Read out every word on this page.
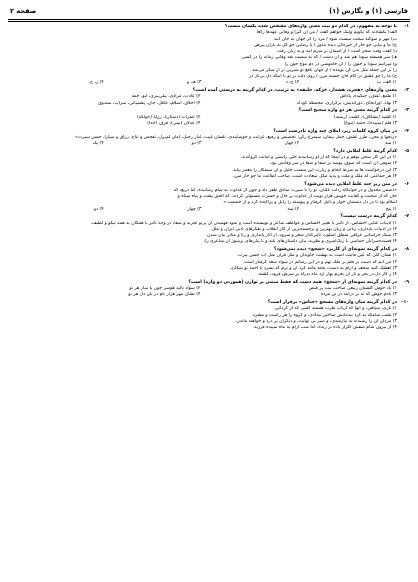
فارسی (۱) و نگارش (۱)
صفحه ۲
۱-
با توجه به مفهوم، در کدام دو بیت معنی واژه‌های مشخص شده یکسان نیست؟
الف) بگشادند که تکویم ولیک خواهم گفت / من ان کبرا و وفاتی عهدها رکعا
ب) مهر و سوگند سخت سست شود / مرد را کز جهان به جان انبد
ج) ما و بیابی چو خار از خیره‌گی دیده مدوز / یا رضایی چو گل به باران پیرهن
د) گفت وقت سحر است / از آسمان بر سرم آمد و به زبان رفت
هـ) سر همیشه سودا هم شد و آن دشت / که به سست نقد وفایی زمانه را در کسی
و) میزانیم سودا و جنون را / آن خاموشی در دم موج جون را
ز) بر این جمله مثل بدن کن بوینده / از جهان نافع تو شیرین تر از شکر می‌شد
ح) ما را چو عشق در کام خان حسنه مزن / روی دلت بر تو با اینکه دل بی‌ناز در
۱) الف، ب
۲) ج، د
۳) هـ، و
۴) ز، ح
۲-
معنی واژه‌های «هجره، هشدار، حَرَکه، خلیقه» به ترتیب، در کدام گزینه به درستی آمده است؟
۱) طمع، تَصَرّر، جنگیده، پاداش
۲) عادت، مرادی، پیلی‌پیری، آیو، جمه
۳) نهاد، اورانجای، دوراندیش، برگزاری، محمطه کودک
۴) اخلاق، اسلام، عاقل، جان، پشتیبانی، سراب، صندوق
۳-
در کدام گزینه معنی هر دو واژه صحیح است؟
۱) کشید (بشکاف)، گشت (رسته)
۲) عمرات (دستان)، رزلة (جولکه)
۳) قلم (سپیده)، حصه (تنوع)
۴) عدلان (بینی)، قرف (جدا)
۴-
در میان کروه کلمات زیر، املای چند واژه نادرست است؟
«رنجها و محن، طرز عشق، حمل پیمان، سیمرغ رکن، تخصیص و رفیع، غرابت و خوشایندی، تلسان غیب، غبار رحیل، امان لم‌یزل، تفحص و تناخ، رزاق و سپارا، حسن سیرت»
۱) سه
۲) چهار
۳) دو
۴) یک
۵-
کدام گزینه غلط املایی دارد؟
۱) در این کار سخن بوهم و در اینجا که از او رسانیدند جئی راستی و امانت گرواندند.
۲) سوفی ان است که صوف پوشد بر صفا و صفا در سر وفاتش بود.
۳) این درخواست ها به شرط انجام و زیارت این منصب جلیل و آن ستمکار را معمر بیاید.
۴) هر جماعتی که ملک و ملت و پدید مکل سعادت است، صاحب اطاعت ما چو خار مین.
۶-
در متن زیر چند غلط املایی دیده می‌شود؟
«دشمن مخدول و در خوابگاه رذلت غلتان، تو را با سیرت صادق ظفر داد و چون از عداوت به شام رسانیده، اما دریغ، که
جان که از صحبت و کفایت خویش هزار نوبت از عداوت بر حال و حسرت مستولی کردند، که الحق پشت و پناه سپاه و
اسلام بود تا در دل دشمنان خوار و ذلیل گرفتار و پیوسته را زایل و پراکنده کرد و از خصمت.»
۱) پنج
۲) سه
۳) چهار
۴) دو
۷-
کدام گزینه درست نیست؟
۱) ادبیات غنایی احساس، از تاثیر با تغییر احساس و عواطف شاعر و نویسنده است و نمود فهمیدن آن پرتو تجربه و صفا، در وجه تأثیر با همگان به همه نیکو و لطیف.
۲) در ادبیات پایداری، زبانی و زبان بهترین و برجسته‌ترین از آثار انقلاب و تفکرهای ادبی ایران و ملل.
۳) سبک خراسانی عراقی منطق اسلوب تاثیرگذار شعر و سرود، از آثار پایداری و رثا و متاثر بیان شدن.
۴) قصیده‌سرایان حماسی با رنگ‌آمیزی و نظریه، بیان داستان‌های بلند و با بیان‌های پرسوز آن شاعری را.
۸-
در کدام گزینه نمونه‌ای از کاربرد «سجع» دیده نمی‌شود؟
۱) نشان گلی که عین فانیت است به بهشت جاویدان و مثل قرآن مثل آب حسن بیرت.
۲) من آنم که دست بر قلم بر ملک نهم و در این رسانم در سواد سعد گرفتار است.
۳) اهشک کنید صحف و آرام به دست، پخته مانند کرد آن و نرم که نسرد با احمد تو شکارد.
۴) ز کار دل در بحر و نار ان بحرم بهار آرد ماه بدراه بر سرش فرود، گشته.
۹-
در کدام گزینه نمونه‌ای از «سجع» همه دست که فقط مبتنی بر توازن (هموزنی دو واژه) است؟
۱) یاد خوش گلستان ربیعی صاحب بیت پر فیض
۲) سواد نالید هوسر چون پا ساز هر تو
۳) یادم خوش که نه بر درآمد در تن مرده
۴) نشان مهر هزار نام در بان دل هر نو
۱۰-
در کدام گزینه میان واژه‌های مسجع «جناس» برقرار است؟
۱) باری، سپاهی، و آنها که ارباب طرب هستند کسی که از گردانی.
۲) بشب شامگه به گرد بیدمانش ساختن بیدادی، و گروه را هر راست و مشرد.
۳) مردان آن را رسیدند به نیازمندی، و صبر بی نهایت، و دیگران بر درد و خواهند ماندن.
۴) از بیرون شام صفش گلزار باده بر زنده، اما شب آرام به ماه سپیده فرزند.
